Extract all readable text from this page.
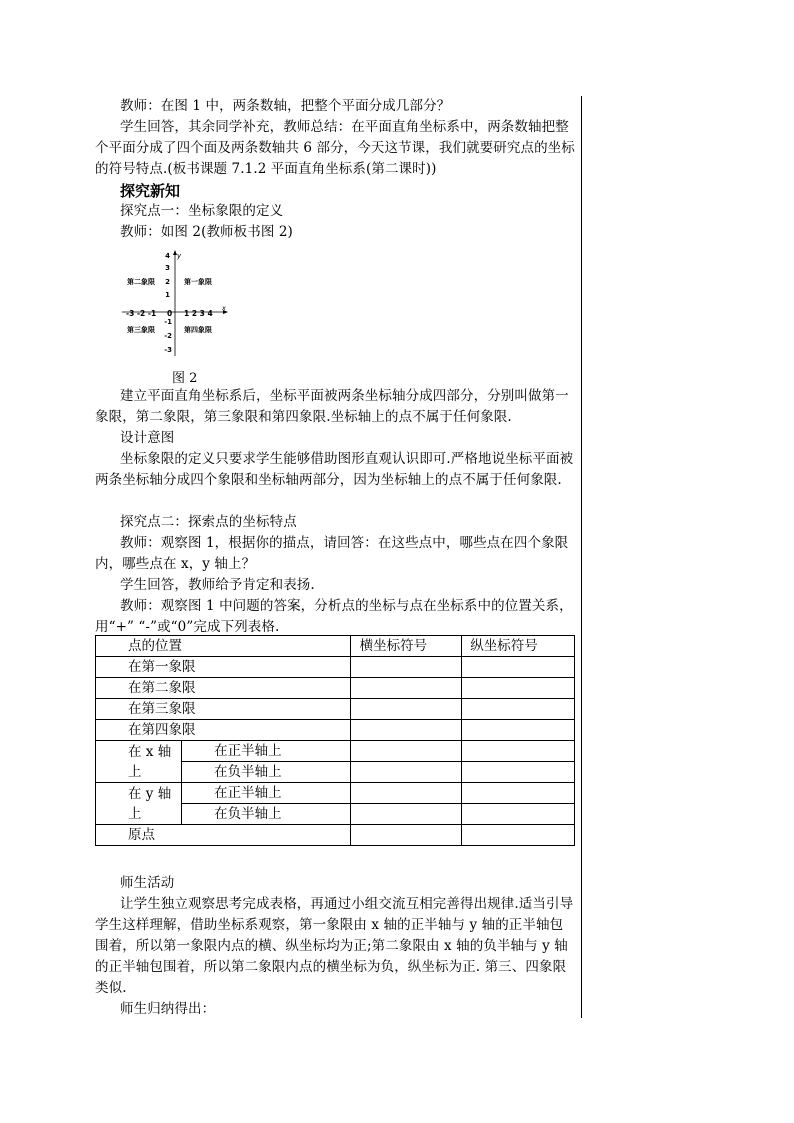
教师：在图 1 中，两条数轴，把整个平面分成几部分？

学生回答，其余同学补充，教师总结：在平面直角坐标系中，两条数轴把整个平面分成了四个面及两条数轴共 6 部分，今天这节课，我们就要研究点的坐标的符号特点.(板书课题 7.1.2 平面直角坐标系(第二课时))

探究新知

探究点一：坐标象限的定义

教师：如图 2(教师板书图 2)

4 y
3
2
1
-1
-2
-3
-3 -2 -1 0 1 2 3 4
x
第二象限	第一象限
第三象限	第四象限

图 2

建立平面直角坐标系后，坐标平面被两条坐标轴分成四部分，分别叫做第一象限，第二象限，第三象限和第四象限.坐标轴上的点不属于任何象限.

设计意图

坐标象限的定义只要求学生能够借助图形直观认识即可.严格地说坐标平面被两条坐标轴分成四个象限和坐标轴两部分，因为坐标轴上的点不属于任何象限.

探究点二：探索点的坐标特点

教师：观察图 1，根据你的描点，请回答：在这些点中，哪些点在四个象限内，哪些点在 x，y 轴上？

学生回答，教师给予肯定和表扬.

教师：观察图 1 中问题的答案，分析点的坐标与点在坐标系中的位置关系，用“+” “-”或“0”完成下列表格.

点的位置		横坐标符号	纵坐标符号
在第一象限			
在第二象限			
在第三象限			
在第四象限			
在 x 轴上	在正半轴上		
	在负半轴上		
在 y 轴上	在正半轴上		
	在负半轴上		
原点			

师生活动

让学生独立观察思考完成表格，再通过小组交流互相完善得出规律.适当引导学生这样理解，借助坐标系观察，第一象限由 x 轴的正半轴与 y 轴的正半轴包围着，所以第一象限内点的横、纵坐标均为正;第二象限由 x 轴的负半轴与 y 轴的正半轴包围着，所以第二象限内点的横坐标为负，纵坐标为正. 第三、四象限类似.

师生归纳得出：
